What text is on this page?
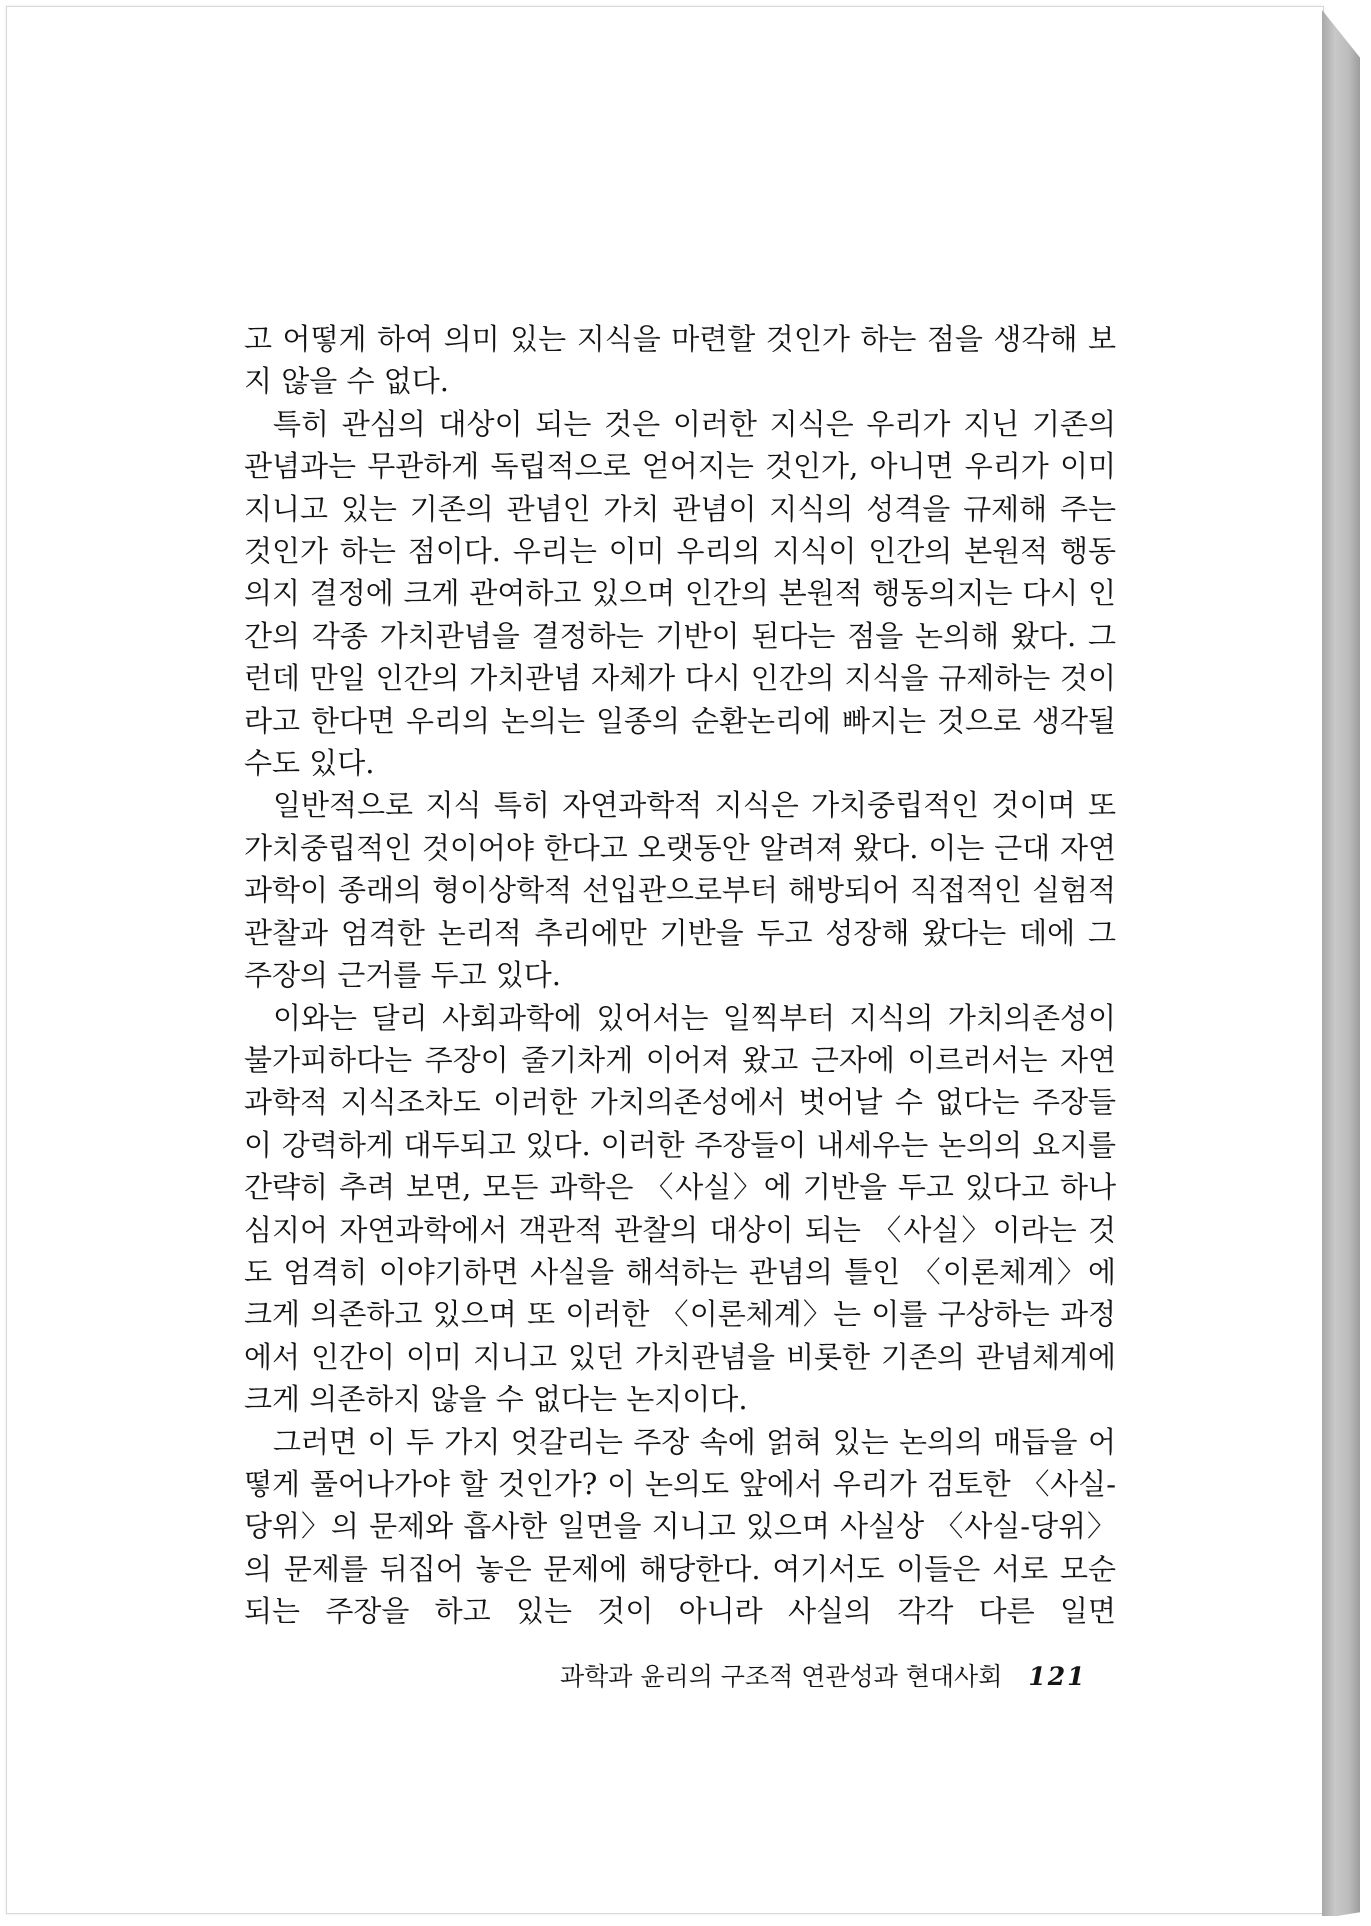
고 어떻게 하여 의미 있는 지식을 마련할 것인가 하는 점을 생각해 보지 않을 수 없다.

특히 관심의 대상이 되는 것은 이러한 지식은 우리가 지닌 기존의 관념과는 무관하게 독립적으로 얻어지는 것인가, 아니면 우리가 이미 지니고 있는 기존의 관념인 가치 관념이 지식의 성격을 규제해 주는 것인가 하는 점이다. 우리는 이미 우리의 지식이 인간의 본원적 행동의지 결정에 크게 관여하고 있으며 인간의 본원적 행동의지는 다시 인간의 각종 가치관념을 결정하는 기반이 된다는 점을 논의해 왔다. 그런데 만일 인간의 가치관념 자체가 다시 인간의 지식을 규제하는 것이라고 한다면 우리의 논의는 일종의 순환논리에 빠지는 것으로 생각될 수도 있다.

일반적으로 지식 특히 자연과학적 지식은 가치중립적인 것이며 또 가치중립적인 것이어야 한다고 오랫동안 알려져 왔다. 이는 근대 자연과학이 종래의 형이상학적 선입관으로부터 해방되어 직접적인 실험적 관찰과 엄격한 논리적 추리에만 기반을 두고 성장해 왔다는 데에 그 주장의 근거를 두고 있다.

이와는 달리 사회과학에 있어서는 일찍부터 지식의 가치의존성이 불가피하다는 주장이 줄기차게 이어져 왔고 근자에 이르러서는 자연과학적 지식조차도 이러한 가치의존성에서 벗어날 수 없다는 주장들이 강력하게 대두되고 있다. 이러한 주장들이 내세우는 논의의 요지를 간략히 추려 보면, 모든 과학은 〈사실〉에 기반을 두고 있다고 하나 심지어 자연과학에서 객관적 관찰의 대상이 되는 〈사실〉이라는 것도 엄격히 이야기하면 사실을 해석하는 관념의 틀인 〈이론체계〉에 크게 의존하고 있으며 또 이러한 〈이론체계〉는 이를 구상하는 과정에서 인간이 이미 지니고 있던 가치관념을 비롯한 기존의 관념체계에 크게 의존하지 않을 수 없다는 논지이다.

그러면 이 두 가지 엇갈리는 주장 속에 얽혀 있는 논의의 매듭을 어떻게 풀어나가야 할 것인가? 이 논의도 앞에서 우리가 검토한 〈사실-당위〉의 문제와 흡사한 일면을 지니고 있으며 사실상 〈사실-당위〉의 문제를 뒤집어 놓은 문제에 해당한다. 여기서도 이들은 서로 모순되는 주장을 하고 있는 것이 아니라 사실의 각각 다른 일면

과학과 윤리의 구조적 연관성과 현대사회 121
